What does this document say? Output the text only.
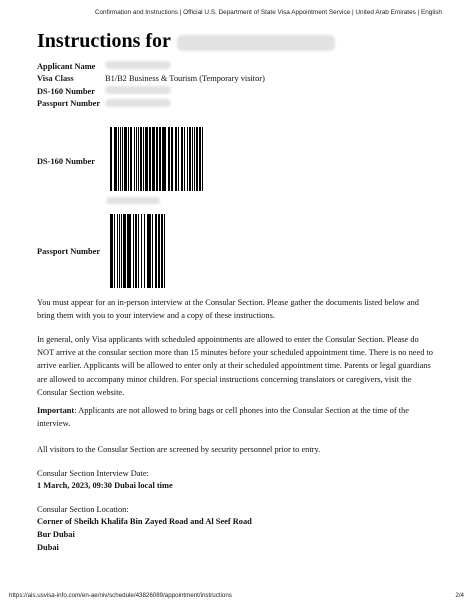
Confirmation and Instructions | Official U.S. Department of State Visa Appointment Service | United Arab Emirates | English
Instructions for
Applicant Name	
Visa Class	B1/B2 Business & Tourism (Temporary visitor)
DS-160 Number	
Passport Number	
DS-160 Number
Passport Number

You must appear for an in-person interview at the Consular Section. Please gather the documents listed below and bring them with you to your interview and a copy of these instructions.

In general, only Visa applicants with scheduled appointments are allowed to enter the Consular Section. Please do NOT arrive at the consular section more than 15 minutes before your scheduled appointment time. There is no need to arrive earlier. Applicants will be allowed to enter only at their scheduled appointment time. Parents or legal guardians are allowed to accompany minor children. For special instructions concerning translators or caregivers, visit the Consular Section website.

Important: Applicants are not allowed to bring bags or cell phones into the Consular Section at the time of the interview.

All visitors to the Consular Section are screened by security personnel prior to entry.

Consular Section Interview Date:

1 March, 2023, 09:30 Dubai local time

Consular Section Location:

Corner of Sheikh Khalifa Bin Zayed Road and Al Seef Road

Bur Dubai

Dubai

https://ais.usvisa-info.com/en-ae/niv/schedule/43826089/appointment/instructions	2/4
